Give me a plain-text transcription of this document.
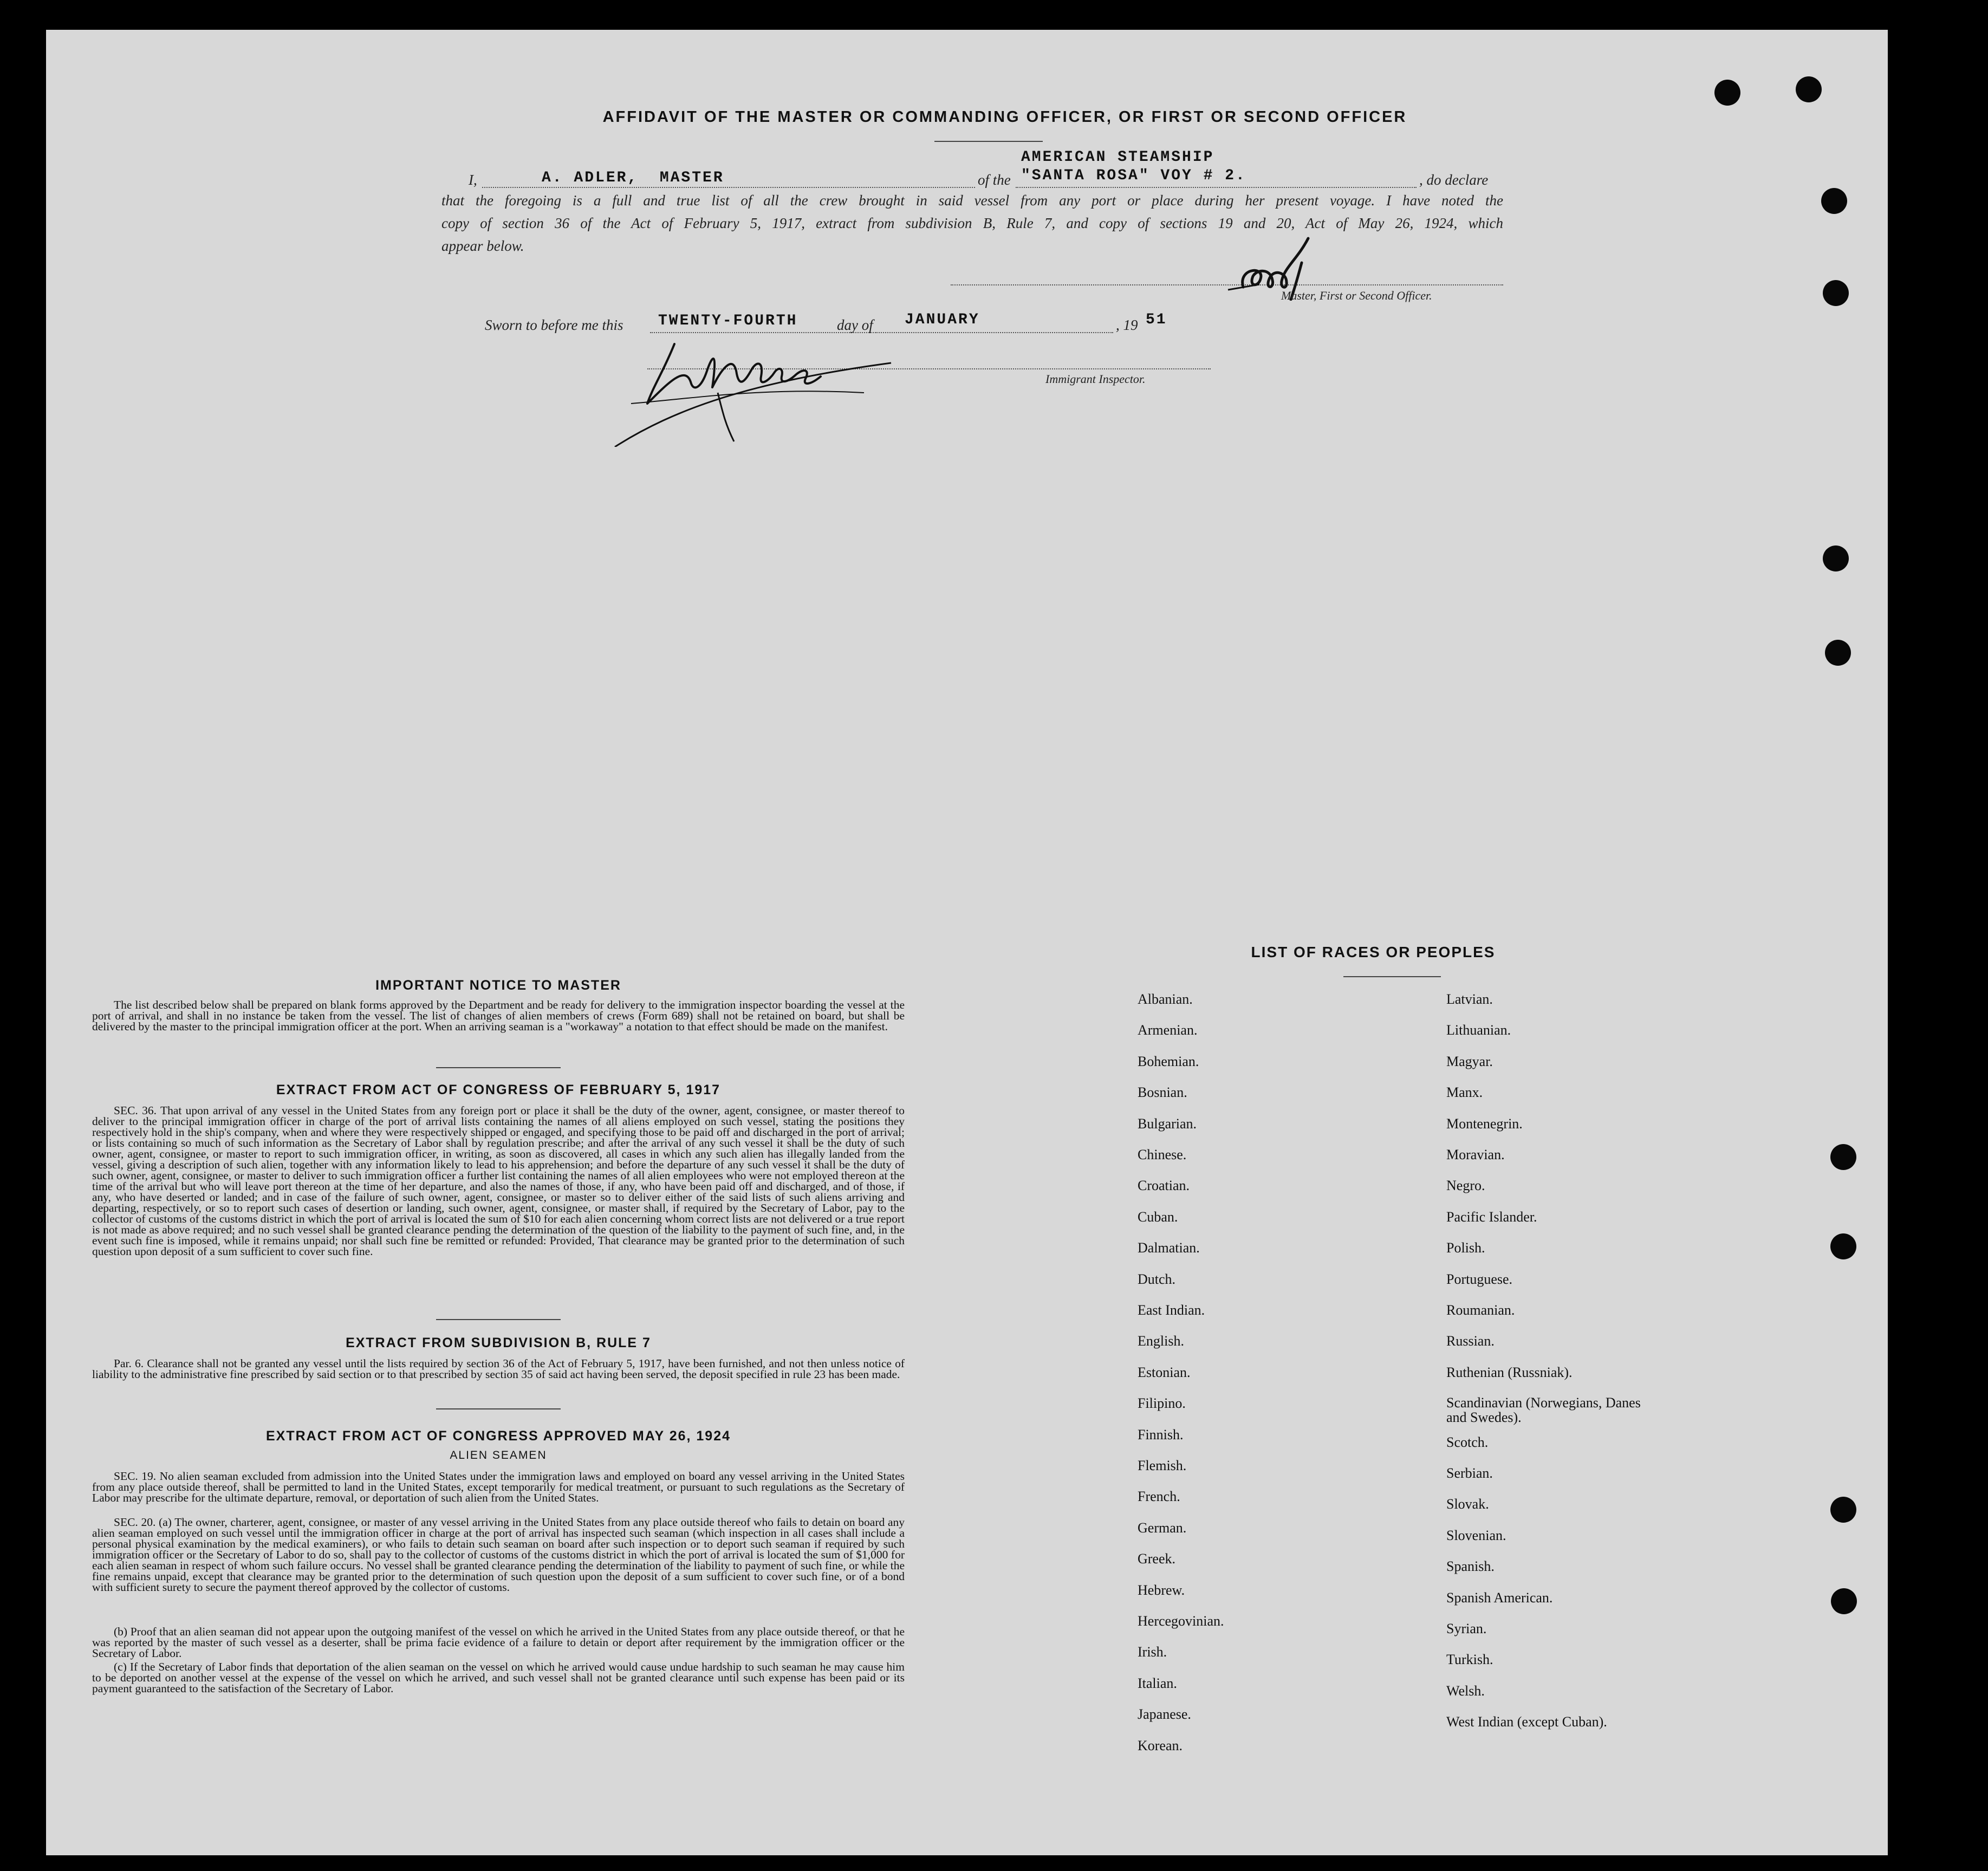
AFFIDAVIT OF THE MASTER OR COMMANDING OFFICER, OR FIRST OR SECOND OFFICER
I,	A. ADLER,  MASTER	of the
AMERICAN STEAMSHIP
"SANTA ROSA" VOY # 2.	, do declare
that the foregoing is a full and true list of all the crew brought in said vessel from any port or place during her present voyage. I have noted the
copy of section 36 of the Act of February 5, 1917, extract from subdivision B, Rule 7, and copy of sections 19 and 20, Act of May 26, 1924, which
appear below.
Master, First or Second Officer.
Sworn to before me this TWENTY-FOURTH	day of JANUARY	, 19 51
Immigrant Inspector.
IMPORTANT NOTICE TO MASTER
The list described below shall be prepared on blank forms approved by the Department and be ready for delivery to the immigration inspector boarding the vessel at the port of arrival, and shall in no instance be taken from the vessel. The list of changes of alien members of crews (Form 689) shall not be retained on board, but shall be delivered by the master to the principal immigration officer at the port. When an arriving seaman is a "workaway" a notation to that effect should be made on the manifest.
EXTRACT FROM ACT OF CONGRESS OF FEBRUARY 5, 1917
SEC. 36. That upon arrival of any vessel in the United States from any foreign port or place it shall be the duty of the owner, agent, consignee, or master thereof to deliver to the principal immigration officer in charge of the port of arrival lists containing the names of all aliens employed on such vessel, stating the positions they respectively hold in the ship's company, when and where they were respectively shipped or engaged, and specifying those to be paid off and discharged in the port of arrival; or lists containing so much of such information as the Secretary of Labor shall by regulation prescribe; and after the arrival of any such vessel it shall be the duty of such owner, agent, consignee, or master to report to such immigration officer, in writing, as soon as discovered, all cases in which any such alien has illegally landed from the vessel, giving a description of such alien, together with any information likely to lead to his apprehension; and before the departure of any such vessel it shall be the duty of such owner, agent, consignee, or master to deliver to such immigration officer a further list containing the names of all alien employees who were not employed thereon at the time of the arrival but who will leave port thereon at the time of her departure, and also the names of those, if any, who have been paid off and discharged, and of those, if any, who have deserted or landed; and in case of the failure of such owner, agent, consignee, or master so to deliver either of the said lists of such aliens arriving and departing, respectively, or so to report such cases of desertion or landing, such owner, agent, consignee, or master shall, if required by the Secretary of Labor, pay to the collector of customs of the customs district in which the port of arrival is located the sum of $10 for each alien concerning whom correct lists are not delivered or a true report is not made as above required; and no such vessel shall be granted clearance pending the determination of the question of the liability to the payment of such fine, and, in the event such fine is imposed, while it remains unpaid; nor shall such fine be remitted or refunded: Provided, That clearance may be granted prior to the determination of such question upon deposit of a sum sufficient to cover such fine.
EXTRACT FROM SUBDIVISION B, RULE 7
Par. 6. Clearance shall not be granted any vessel until the lists required by section 36 of the Act of February 5, 1917, have been furnished, and not then unless notice of liability to the administrative fine prescribed by said section or to that prescribed by section 35 of said act having been served, the deposit specified in rule 23 has been made.
EXTRACT FROM ACT OF CONGRESS APPROVED MAY 26, 1924
ALIEN SEAMEN
SEC. 19. No alien seaman excluded from admission into the United States under the immigration laws and employed on board any vessel arriving in the United States from any place outside thereof, shall be permitted to land in the United States, except temporarily for medical treatment, or pursuant to such regulations as the Secretary of Labor may prescribe for the ultimate departure, removal, or deportation of such alien from the United States.
SEC. 20. (a) The owner, charterer, agent, consignee, or master of any vessel arriving in the United States from any place outside thereof who fails to detain on board any alien seaman employed on such vessel until the immigration officer in charge at the port of arrival has inspected such seaman (which inspection in all cases shall include a personal physical examination by the medical examiners), or who fails to detain such seaman on board after such inspection or to deport such seaman if required by such immigration officer or the Secretary of Labor to do so, shall pay to the collector of customs of the customs district in which the port of arrival is located the sum of $1,000 for each alien seaman in respect of whom such failure occurs. No vessel shall be granted clearance pending the determination of the liability to payment of such fine, or while the fine remains unpaid, except that clearance may be granted prior to the determination of such question upon the deposit of a sum sufficient to cover such fine, or of a bond with sufficient surety to secure the payment thereof approved by the collector of customs.
(b) Proof that an alien seaman did not appear upon the outgoing manifest of the vessel on which he arrived in the United States from any place outside thereof, or that he was reported by the master of such vessel as a deserter, shall be prima facie evidence of a failure to detain or deport after requirement by the immigration officer or the Secretary of Labor.
(c) If the Secretary of Labor finds that deportation of the alien seaman on the vessel on which he arrived would cause undue hardship to such seaman he may cause him to be deported on another vessel at the expense of the vessel on which he arrived, and such vessel shall not be granted clearance until such expense has been paid or its payment guaranteed to the satisfaction of the Secretary of Labor.
LIST OF RACES OR PEOPLES
Albanian.
Armenian.
Bohemian.
Bosnian.
Bulgarian.
Chinese.
Croatian.
Cuban.
Dalmatian.
Dutch.
East Indian.
English.
Estonian.
Filipino.
Finnish.
Flemish.
French.
German.
Greek.
Hebrew.
Hercegovinian.
Irish.
Italian.
Japanese.
Korean.
Latvian.
Lithuanian.
Magyar.
Manx.
Montenegrin.
Moravian.
Negro.
Pacific Islander.
Polish.
Portuguese.
Roumanian.
Russian.
Ruthenian (Russniak).
Scandinavian (Norwegians, Danes and Swedes).
Scotch.
Serbian.
Slovak.
Slovenian.
Spanish.
Spanish American.
Syrian.
Turkish.
Welsh.
West Indian (except Cuban).
